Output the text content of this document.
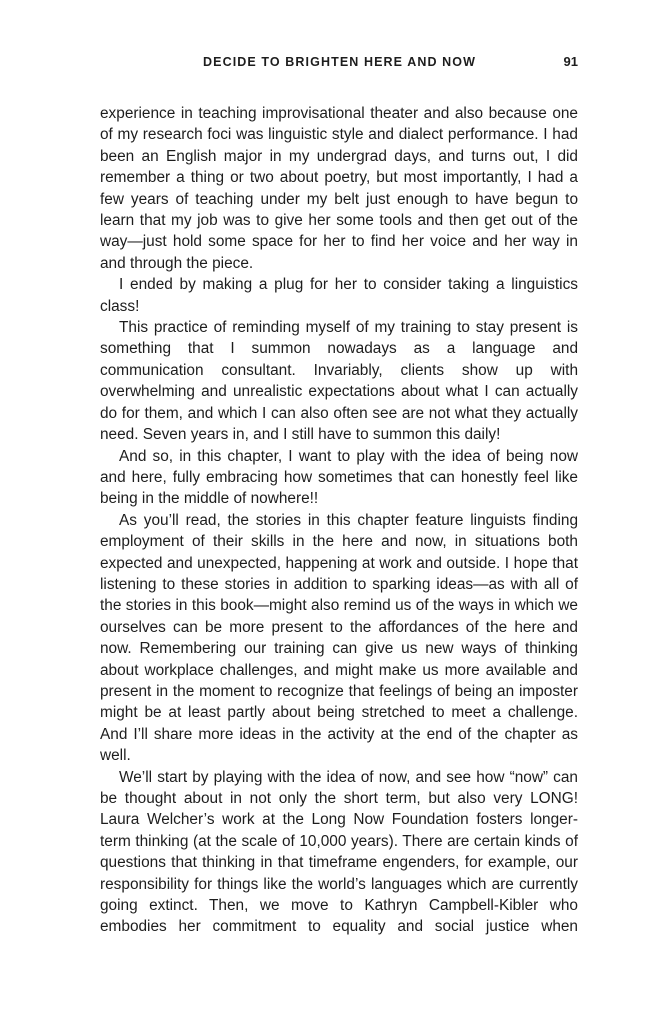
DECIDE TO BRIGHTEN HERE AND NOW	91

experience in teaching improvisational theater and also because one of my research foci was linguistic style and dialect performance. I had been an English major in my undergrad days, and turns out, I did remember a thing or two about poetry, but most importantly, I had a few years of teaching under my belt just enough to have begun to learn that my job was to give her some tools and then get out of the way—just hold some space for her to find her voice and her way in and through the piece.

I ended by making a plug for her to consider taking a linguistics class!

This practice of reminding myself of my training to stay present is something that I summon nowadays as a language and communication consultant. Invariably, clients show up with overwhelming and unrealistic expectations about what I can actually do for them, and which I can also often see are not what they actually need. Seven years in, and I still have to summon this daily!

And so, in this chapter, I want to play with the idea of being now and here, fully embracing how sometimes that can honestly feel like being in the middle of nowhere!!

As you’ll read, the stories in this chapter feature linguists finding employment of their skills in the here and now, in situations both expected and unexpected, happening at work and outside. I hope that listening to these stories in addition to sparking ideas—as with all of the stories in this book—might also remind us of the ways in which we ourselves can be more present to the affordances of the here and now. Remembering our training can give us new ways of thinking about workplace challenges, and might make us more available and present in the moment to recognize that feelings of being an imposter might be at least partly about being stretched to meet a challenge. And I’ll share more ideas in the activity at the end of the chapter as well.

We’ll start by playing with the idea of now, and see how “now” can be thought about in not only the short term, but also very LONG! Laura Welcher’s work at the Long Now Foundation fosters longer-term thinking (at the scale of 10,000 years). There are certain kinds of questions that thinking in that timeframe engenders, for example, our responsibility for things like the world’s languages which are currently going extinct. Then, we move to Kathryn Campbell-Kibler who embodies her commitment to equality and social justice when
